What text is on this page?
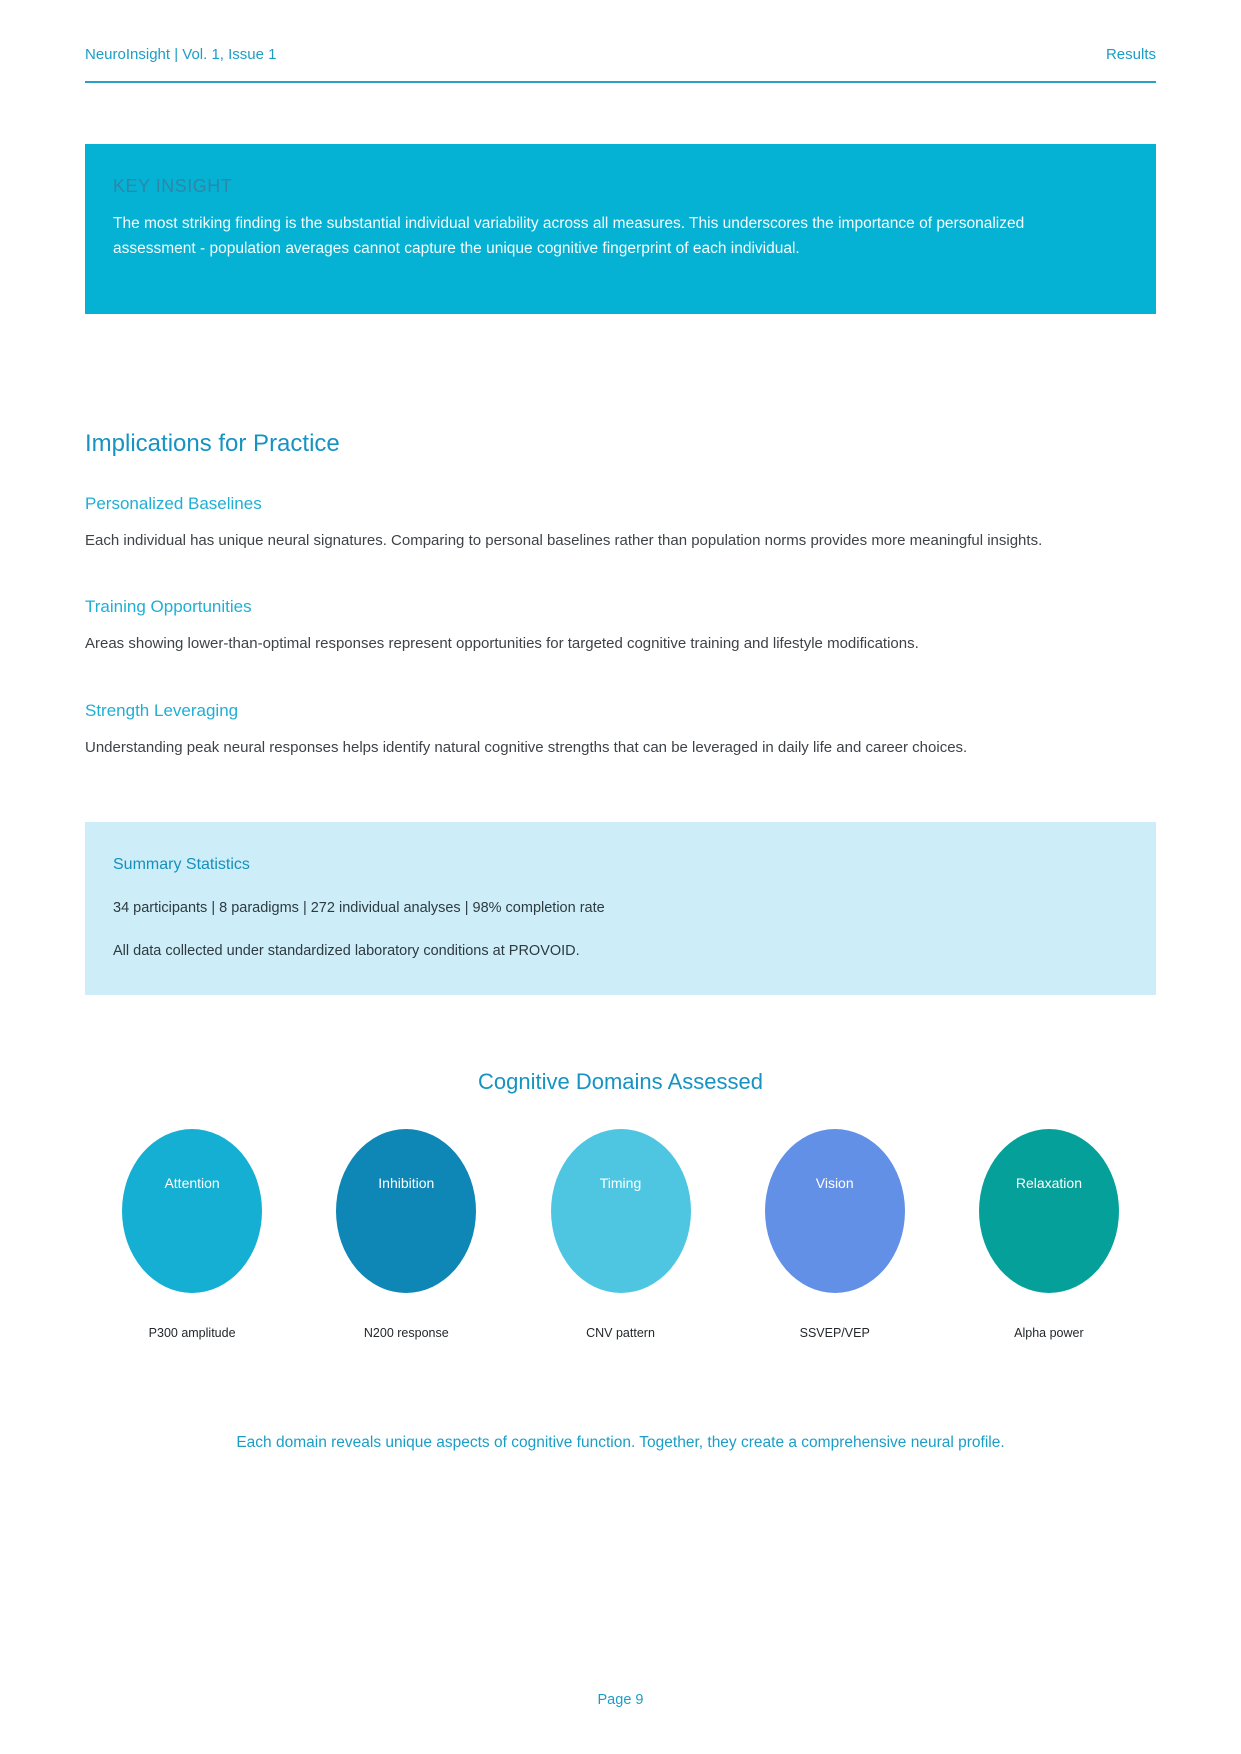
NeuroInsight | Vol. 1, Issue 1	Results
KEY INSIGHT
The most striking finding is the substantial individual variability across all measures. This underscores the importance of personalized assessment - population averages cannot capture the unique cognitive fingerprint of each individual.
Implications for Practice
Personalized Baselines

Each individual has unique neural signatures. Comparing to personal baselines rather than population norms provides more meaningful insights.

Training Opportunities

Areas showing lower-than-optimal responses represent opportunities for targeted cognitive training and lifestyle modifications.

Strength Leveraging

Understanding peak neural responses helps identify natural cognitive strengths that can be leveraged in daily life and career choices.

Summary Statistics
34 participants | 8 paradigms | 272 individual analyses | 98% completion rate
All data collected under standardized laboratory conditions at PROVOID.
Cognitive Domains Assessed
Attention
P300 amplitude
Inhibition
N200 response
Timing
CNV pattern
Vision
SSVEP/VEP
Relaxation
Alpha power
Each domain reveals unique aspects of cognitive function. Together, they create a comprehensive neural profile.
Page 9
